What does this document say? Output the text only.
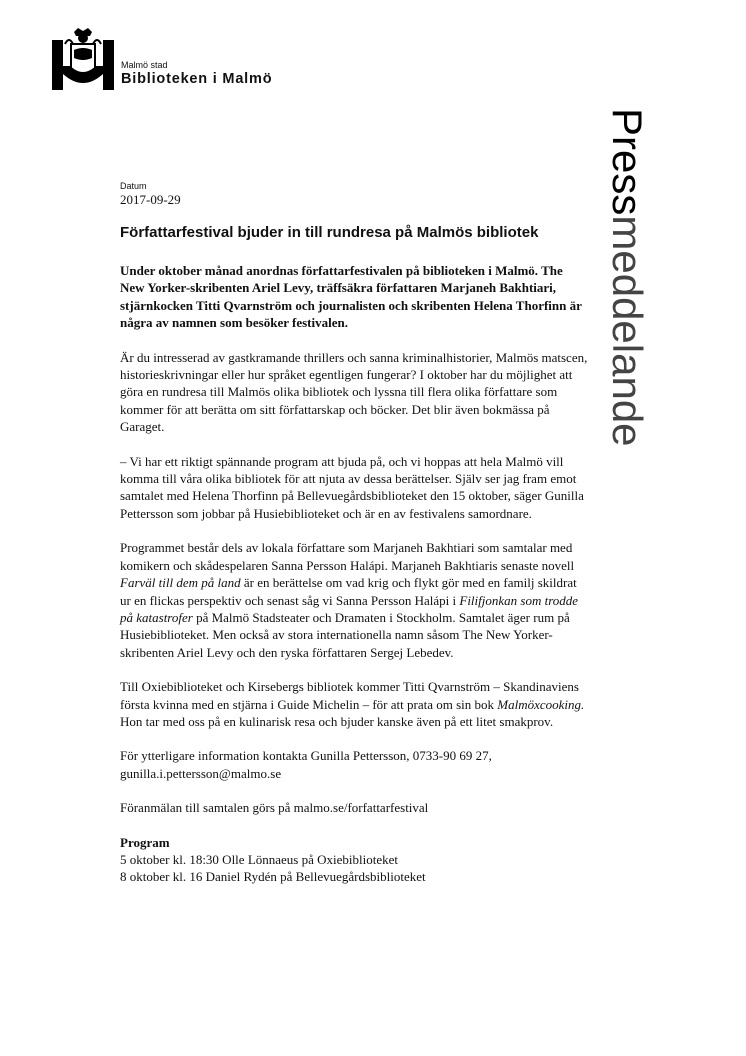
Malmö stad
Biblioteken i Malmö
Pressmeddelande
Datum
2017-09-29
Författarfestival bjuder in till rundresa på Malmös bibliotek
Under oktober månad anordnas författarfestivalen på biblioteken i Malmö. The New Yorker-skribenten Ariel Levy, träffsäkra författaren Marjaneh Bakhtiari, stjärnkocken Titti Qvarnström och journalisten och skribenten Helena Thorfinn är några av namnen som besöker festivalen.

Är du intresserad av gastkramande thrillers och sanna kriminalhistorier, Malmös matscen, historieskrivningar eller hur språket egentligen fungerar? I oktober har du möjlighet att göra en rundresa till Malmös olika bibliotek och lyssna till flera olika författare som kommer för att berätta om sitt författarskap och böcker. Det blir även bokmässa på Garaget.

– Vi har ett riktigt spännande program att bjuda på, och vi hoppas att hela Malmö vill komma till våra olika bibliotek för att njuta av dessa berättelser. Själv ser jag fram emot samtalet med Helena Thorfinn på Bellevuegårdsbiblioteket den 15 oktober, säger Gunilla Pettersson som jobbar på Husiebiblioteket och är en av festivalens samordnare.

Programmet består dels av lokala författare som Marjaneh Bakhtiari som samtalar med komikern och skådespelaren Sanna Persson Halápi. Marjaneh Bakhtiaris senaste novell Farväl till dem på land är en berättelse om vad krig och flykt gör med en familj skildrat ur en flickas perspektiv och senast såg vi Sanna Persson Halápi i Filifjonkan som trodde på katastrofer på Malmö Stadsteater och Dramaten i Stockholm. Samtalet äger rum på Husiebiblioteket. Men också av stora internationella namn såsom The New Yorker-skribenten Ariel Levy och den ryska författaren Sergej Lebedev.

Till Oxiebiblioteket och Kirsebergs bibliotek kommer Titti Qvarnström – Skandinaviens första kvinna med en stjärna i Guide Michelin – för att prata om sin bok Malmöxcooking. Hon tar med oss på en kulinarisk resa och bjuder kanske även på ett litet smakprov.

För ytterligare information kontakta Gunilla Pettersson, 0733-90 69 27,
gunilla.i.pettersson@malmo.se

Föranmälan till samtalen görs på malmo.se/forfattarfestival

Program
5 oktober kl. 18:30 Olle Lönnaeus på Oxiebiblioteket
8 oktober kl. 16 Daniel Rydén på Bellevuegårdsbiblioteket
